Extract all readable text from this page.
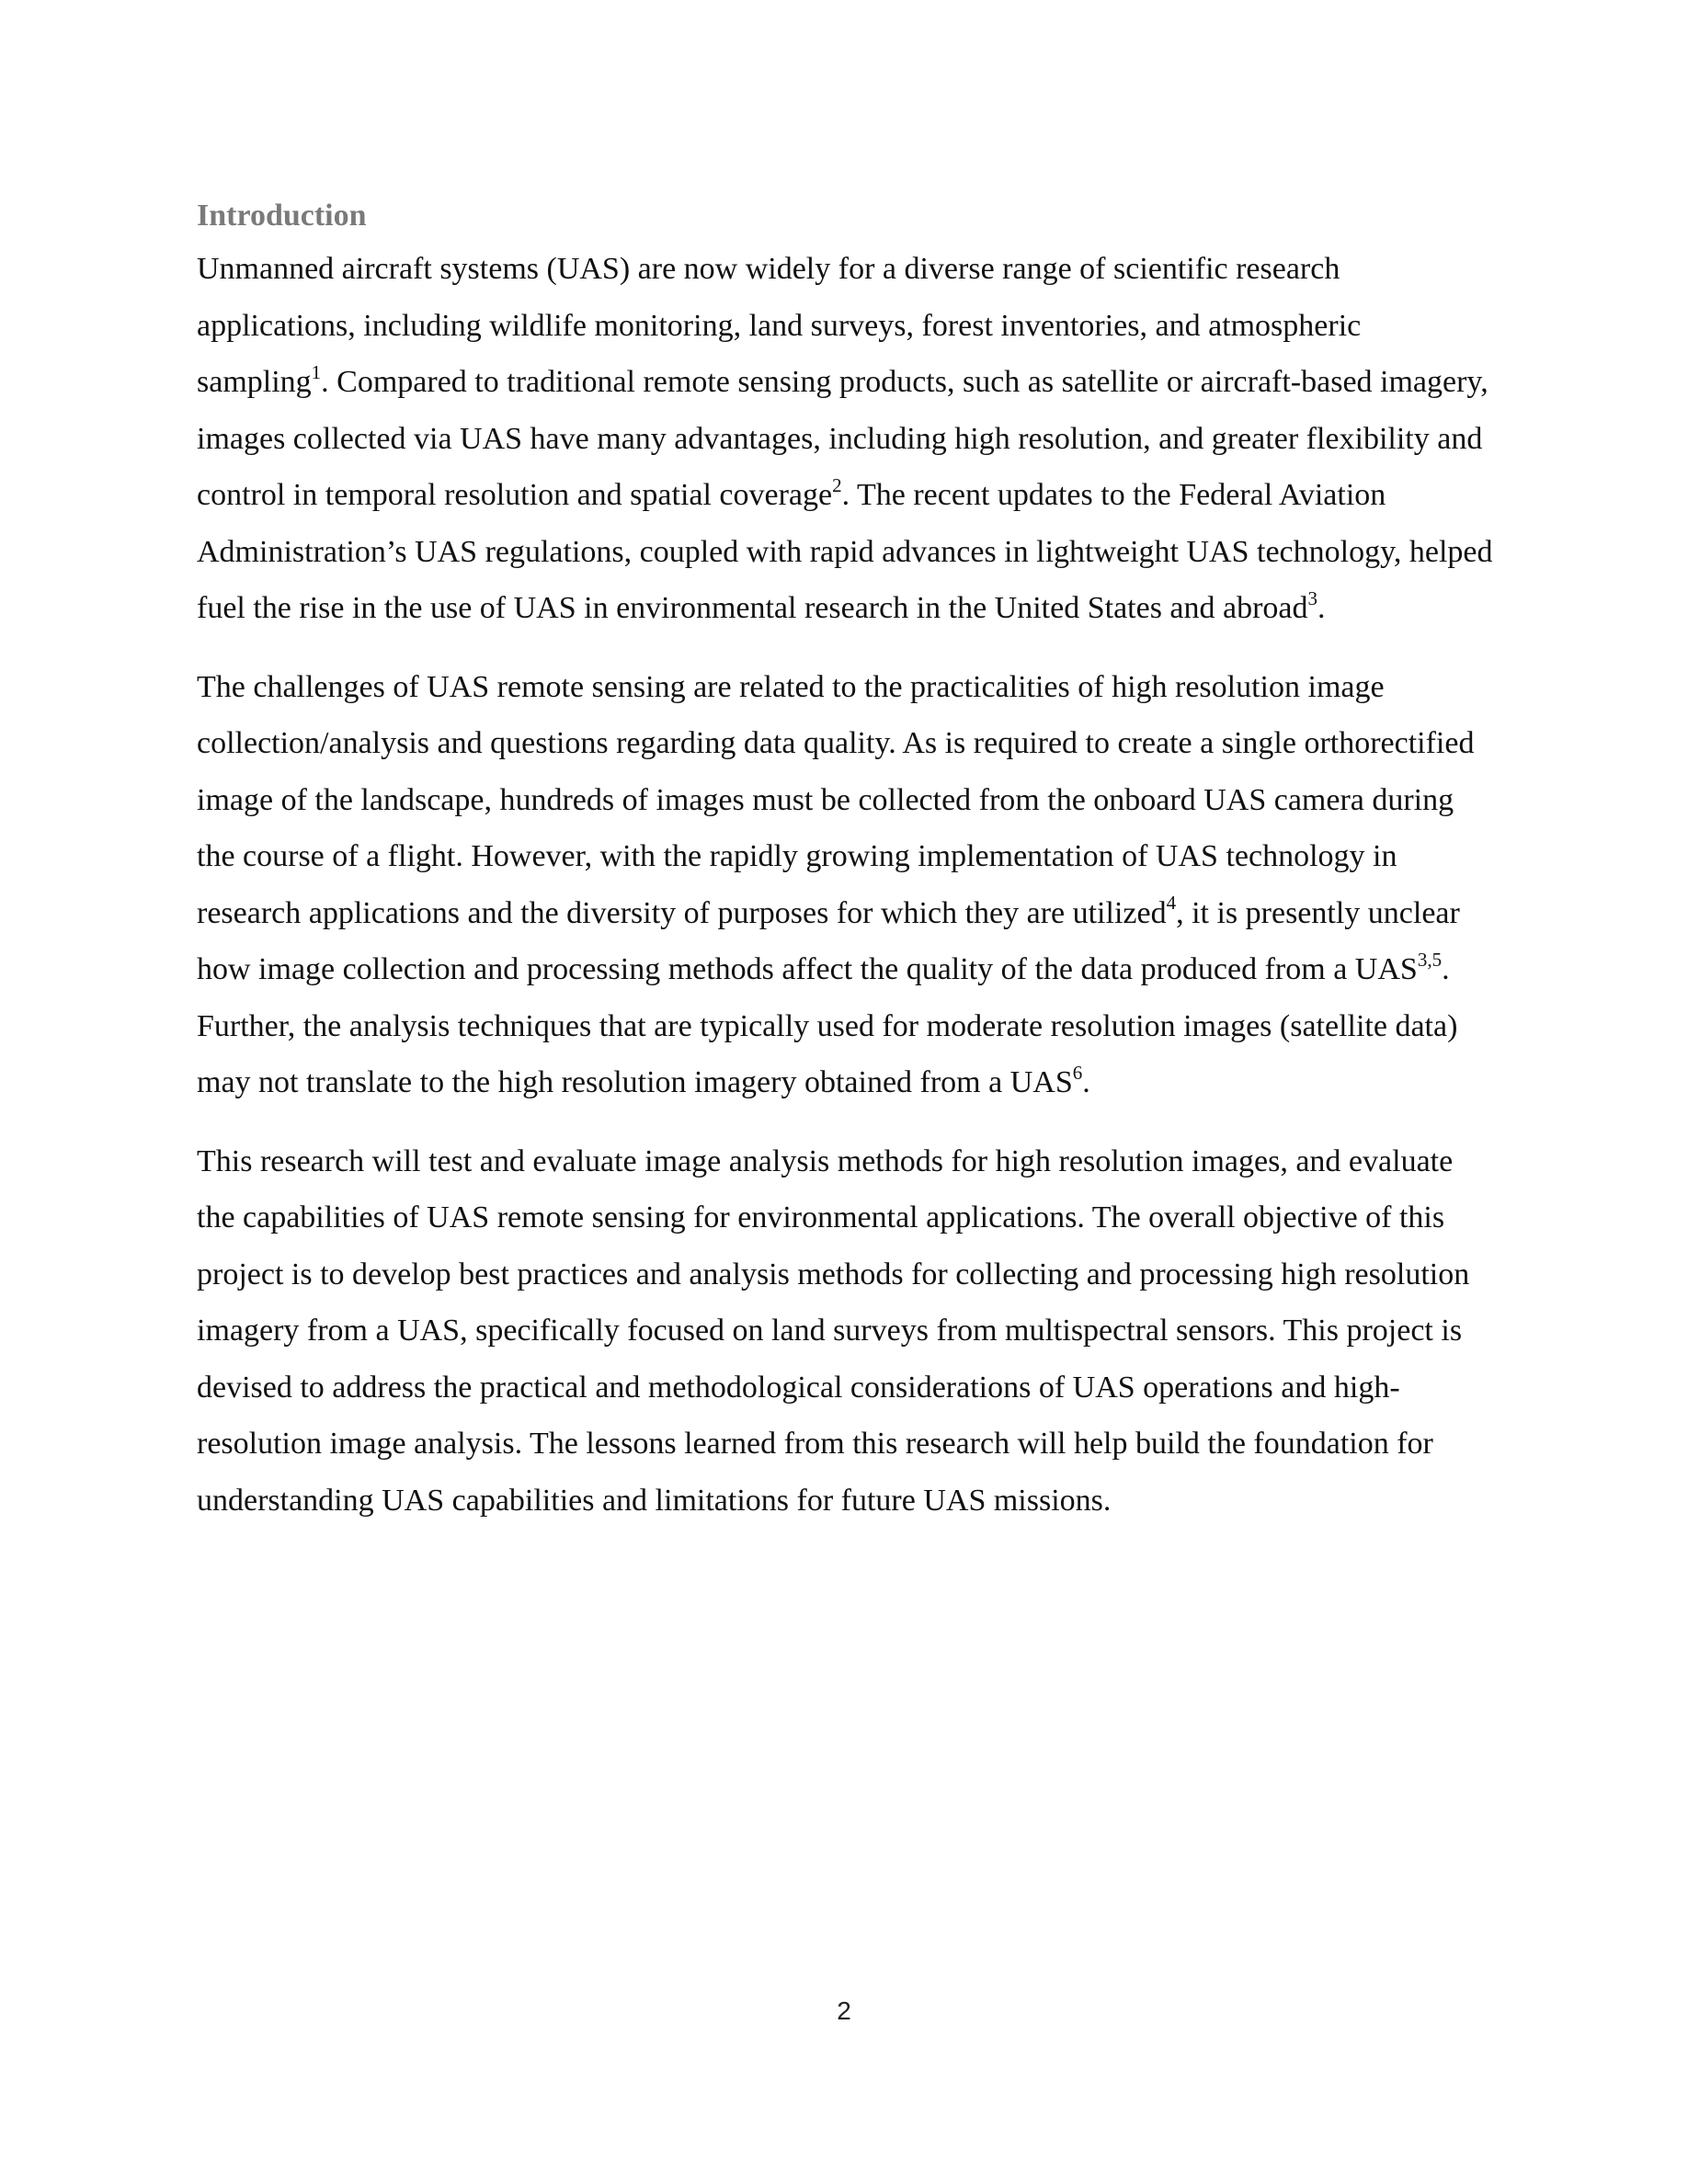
Introduction

Unmanned aircraft systems (UAS) are now widely for a diverse range of scientific research applications, including wildlife monitoring, land surveys, forest inventories, and atmospheric sampling$^1$. Compared to traditional remote sensing products, such as satellite or aircraft-based imagery, images collected via UAS have many advantages, including high resolution, and greater flexibility and control in temporal resolution and spatial coverage$^2$. The recent updates to the Federal Aviation Administration’s UAS regulations, coupled with rapid advances in lightweight UAS technology, helped fuel the rise in the use of UAS in environmental research in the United States and abroad$^3$.

The challenges of UAS remote sensing are related to the practicalities of high resolution image collection/analysis and questions regarding data quality. As is required to create a single orthorectified image of the landscape, hundreds of images must be collected from the onboard UAS camera during the course of a flight. However, with the rapidly growing implementation of UAS technology in research applications and the diversity of purposes for which they are utilized$^4$, it is presently unclear how image collection and processing methods affect the quality of the data produced from a UAS$^{3,5}$. Further, the analysis techniques that are typically used for moderate resolution images (satellite data) may not translate to the high resolution imagery obtained from a UAS$^6$.

This research will test and evaluate image analysis methods for high resolution images, and evaluate the capabilities of UAS remote sensing for environmental applications. The overall objective of this project is to develop best practices and analysis methods for collecting and processing high resolution imagery from a UAS, specifically focused on land surveys from multispectral sensors. This project is devised to address the practical and methodological considerations of UAS operations and high-resolution image analysis. The lessons learned from this research will help build the foundation for understanding UAS capabilities and limitations for future UAS missions.

2
